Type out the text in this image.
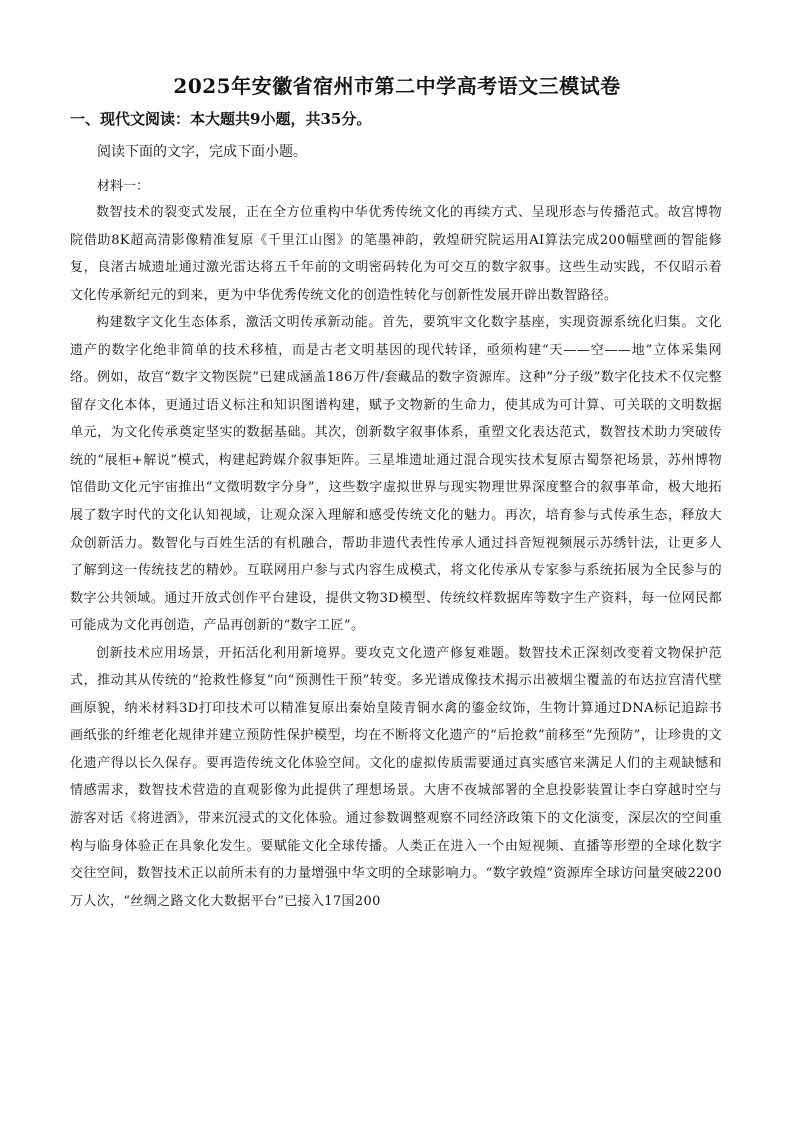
2025年安徽省宿州市第二中学高考语文三模试卷
一、现代文阅读：本大题共9小题，共35分。
阅读下面的文字，完成下面小题。
材料一：

数智技术的裂变式发展，正在全方位重构中华优秀传统文化的再续方式、呈现形态与传播范式。故宫博物院借助8K超高清影像精准复原《千里江山图》的笔墨神韵，敦煌研究院运用AI算法完成200幅壁画的智能修复，良渚古城遗址通过激光雷达将五千年前的文明密码转化为可交互的数字叙事。这些生动实践，不仅昭示着文化传承新纪元的到来，更为中华优秀传统文化的创造性转化与创新性发展开辟出数智路径。

构建数字文化生态体系，激活文明传承新动能。首先，要筑牢文化数字基座，实现资源系统化归集。文化遗产的数字化绝非简单的技术移植，而是古老文明基因的现代转译，亟须构建“天——空——地”立体采集网络。例如，故宫“数字文物医院”已建成涵盖186万件/套藏品的数字资源库。这种“分子级”数字化技术不仅完整留存文化本体，更通过语义标注和知识图谱构建，赋予文物新的生命力，使其成为可计算、可关联的文明数据单元，为文化传承奠定坚实的数据基础。其次，创新数字叙事体系，重塑文化表达范式，数智技术助力突破传统的“展柜+解说”模式，构建起跨媒介叙事矩阵。三星堆遗址通过混合现实技术复原古蜀祭祀场景，苏州博物馆借助文化元宇宙推出“文徵明数字分身”，这些数字虚拟世界与现实物理世界深度整合的叙事革命，极大地拓展了数字时代的文化认知视域，让观众深入理解和感受传统文化的魅力。再次，培育参与式传承生态，释放大众创新活力。数智化与百姓生活的有机融合，帮助非遗代表性传承人通过抖音短视频展示苏绣针法，让更多人了解到这一传统技艺的精妙。互联网用户参与式内容生成模式，将文化传承从专家参与系统拓展为全民参与的数字公共领域。通过开放式创作平台建设，提供文物3D模型、传统纹样数据库等数字生产资料，每一位网民都可能成为文化再创造，产品再创新的“数字工匠”。

创新技术应用场景，开拓活化利用新境界。要攻克文化遗产修复难题。数智技术正深刻改变着文物保护范式，推动其从传统的“抢救性修复”向“预测性干预”转变。多光谱成像技术揭示出被烟尘覆盖的布达拉宫清代壁画原貌，纳米材料3D打印技术可以精准复原出秦始皇陵青铜水禽的鎏金纹饰，生物计算通过DNA标记追踪书画纸张的纤维老化规律并建立预防性保护模型，均在不断将文化遗产的“后抢救”前移至“先预防”，让珍贵的文化遗产得以长久保存。要再造传统文化体验空间。文化的虚拟传质需要通过真实感官来满足人们的主观缺憾和情感需求，数智技术营造的直观影像为此提供了理想场景。大唐不夜城部署的全息投影装置让李白穿越时空与游客对话《将进酒》，带来沉浸式的文化体验。通过参数调整观察不同经济政策下的文化演变，深层次的空间重构与临身体验正在具象化发生。要赋能文化全球传播。人类正在进入一个由短视频、直播等形塑的全球化数字交往空间，数智技术正以前所未有的力量增强中华文明的全球影响力。“数字敦煌”资源库全球访问量突破2200万人次，“丝绸之路文化大数据平台”已接入17国200
